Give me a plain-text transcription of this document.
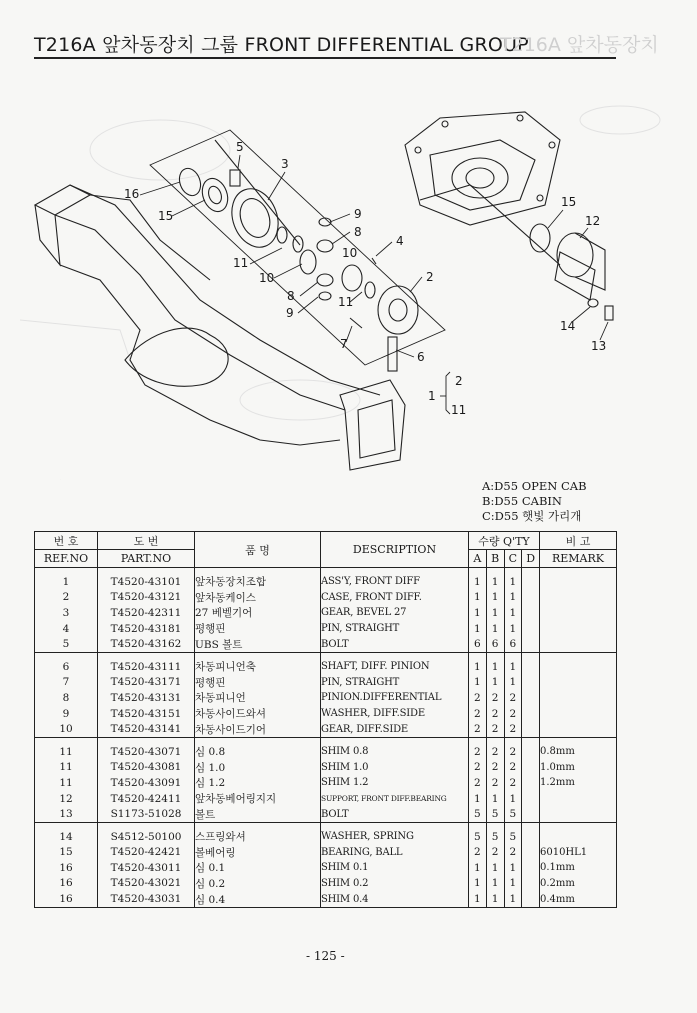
T216A 앞차동장치 그룹 FRONT DIFFERENTIAL GROUP
T216A 앞차동장치
5
3
16
15	9
8
4
10
11
10	2
8
9
11
7
6
15
12
14
13
1
2
11
A:D55 OPEN CAB
B:D55 CABIN
C:D55 햇빛 가리개
번 호	도 번	품 명	DESCRIPTION	수량 Q'TY				비 고
REF.NO	PART.NO			A	B	C	D	REMARK
1	T4520-43101	앞차동장치조합	ASS'Y, FRONT DIFF	1	1	1		
2	T4520-43121	앞차동케이스	CASE, FRONT DIFF.	1	1	1		
3	T4520-42311	27 베벨기어	GEAR, BEVEL 27	1	1	1		
4	T4520-43181	평행핀	PIN, STRAIGHT	1	1	1		
5	T4520-43162	UBS 볼트	BOLT	6	6	6		
6	T4520-43111	차동피니언축	SHAFT, DIFF. PINION	1	1	1		
7	T4520-43171	평행핀	PIN, STRAIGHT	1	1	1		
8	T4520-43131	차동피니언	PINION.DIFFERENTIAL	2	2	2		
9	T4520-43151	차동사이드와셔	WASHER, DIFF.SIDE	2	2	2		
10	T4520-43141	차동사이드기어	GEAR, DIFF.SIDE	2	2	2		
11	T4520-43071	심 0.8	SHIM 0.8	2	2	2		0.8mm
11	T4520-43081	심 1.0	SHIM 1.0	2	2	2		1.0mm
11	T4520-43091	심 1.2	SHIM 1.2	2	2	2		1.2mm
12	T4520-42411	앞차동베어링지지	SUPPORT, FRONT DIFF.BEARING	1	1	1		
13	S1173-51028	볼트	BOLT	5	5	5		
14	S4512-50100	스프링와셔	WASHER, SPRING	5	5	5		
15	T4520-42421	볼베어링	BEARING, BALL	2	2	2		6010HL1
16	T4520-43011	심 0.1	SHIM 0.1	1	1	1		0.1mm
16	T4520-43021	심 0.2	SHIM 0.2	1	1	1		0.2mm
16	T4520-43031	심 0.4	SHIM 0.4	1	1	1		0.4mm
- 125 -
